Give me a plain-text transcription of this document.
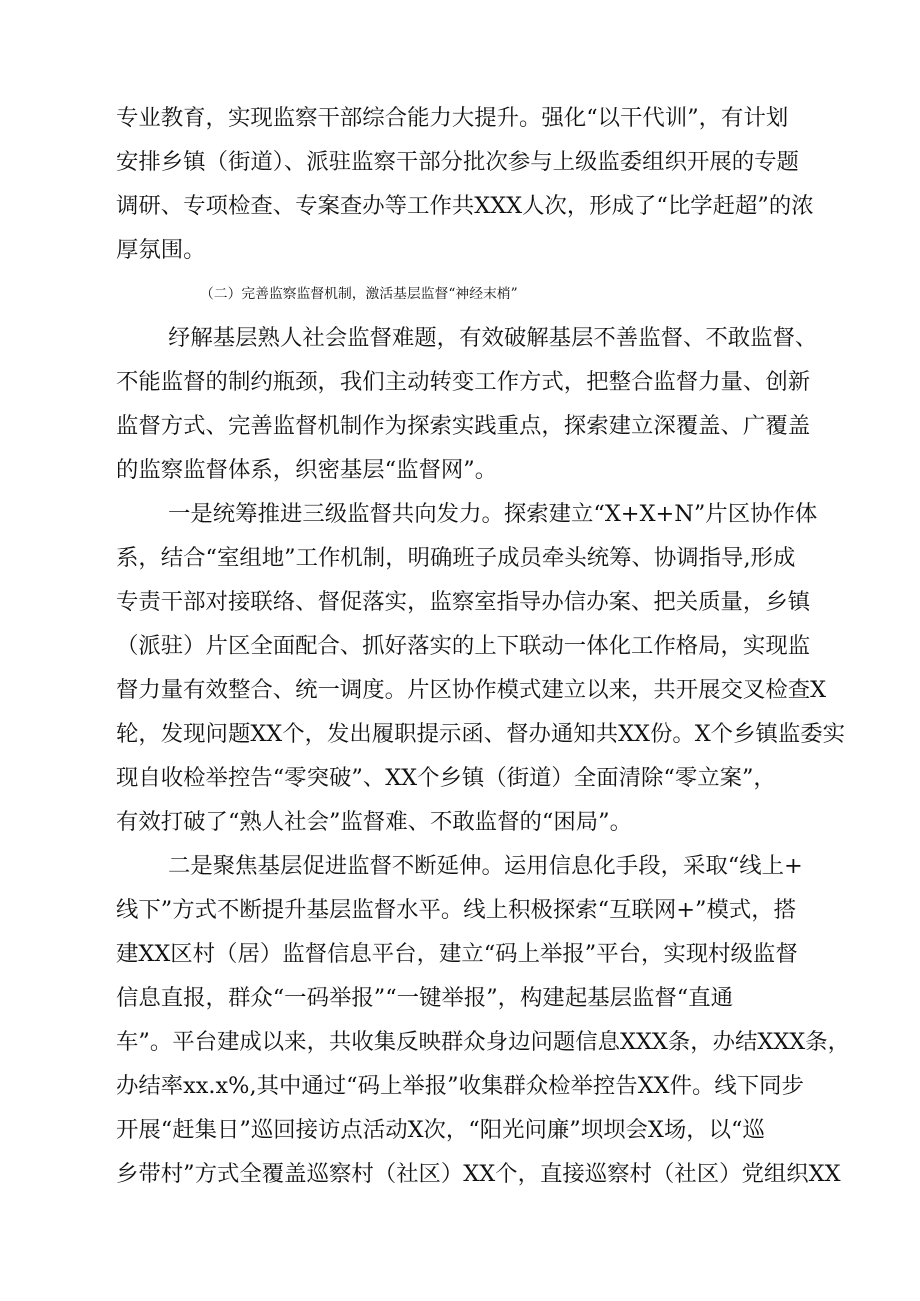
专业教育，实现监察干部综合能力大提升。强化“以干代训”，有计划
安排乡镇（街道）、派驻监察干部分批次参与上级监委组织开展的专题
调研、专项检查、专案查办等工作共XXX人次，形成了“比学赶超”的浓
厚氛围。
（二）完善监察监督机制，激活基层监督“神经末梢”
纾解基层熟人社会监督难题，有效破解基层不善监督、不敢监督、
不能监督的制约瓶颈，我们主动转变工作方式，把整合监督力量、创新
监督方式、完善监督机制作为探索实践重点，探索建立深覆盖、广覆盖
的监察监督体系，织密基层“监督网”。
一是统筹推进三级监督共向发力。探索建立“X+X+N”片区协作体
系，结合“室组地”工作机制，明确班子成员牵头统筹、协调指导,形成
专责干部对接联络、督促落实，监察室指导办信办案、把关质量，乡镇
（派驻）片区全面配合、抓好落实的上下联动一体化工作格局，实现监
督力量有效整合、统一调度。片区协作模式建立以来，共开展交叉检查X
轮，发现问题XX个，发出履职提示函、督办通知共XX份。X个乡镇监委实
现自收检举控告“零突破”、XX个乡镇（街道）全面清除“零立案”，
有效打破了“熟人社会”监督难、不敢监督的“困局”。
二是聚焦基层促进监督不断延伸。运用信息化手段，采取“线上+
线下”方式不断提升基层监督水平。线上积极探索“互联网+”模式，搭
建XX区村（居）监督信息平台，建立“码上举报”平台，实现村级监督
信息直报，群众“一码举报”“一键举报”，构建起基层监督“直通
车”。平台建成以来，共收集反映群众身边问题信息XXX条，办结XXX条，
办结率xx.x%,其中通过“码上举报”收集群众检举控告XX件。线下同步
开展“赶集日”巡回接访点活动X次，“阳光问廉”坝坝会X场，以“巡
乡带村”方式全覆盖巡察村（社区）XX个，直接巡察村（社区）党组织XX
